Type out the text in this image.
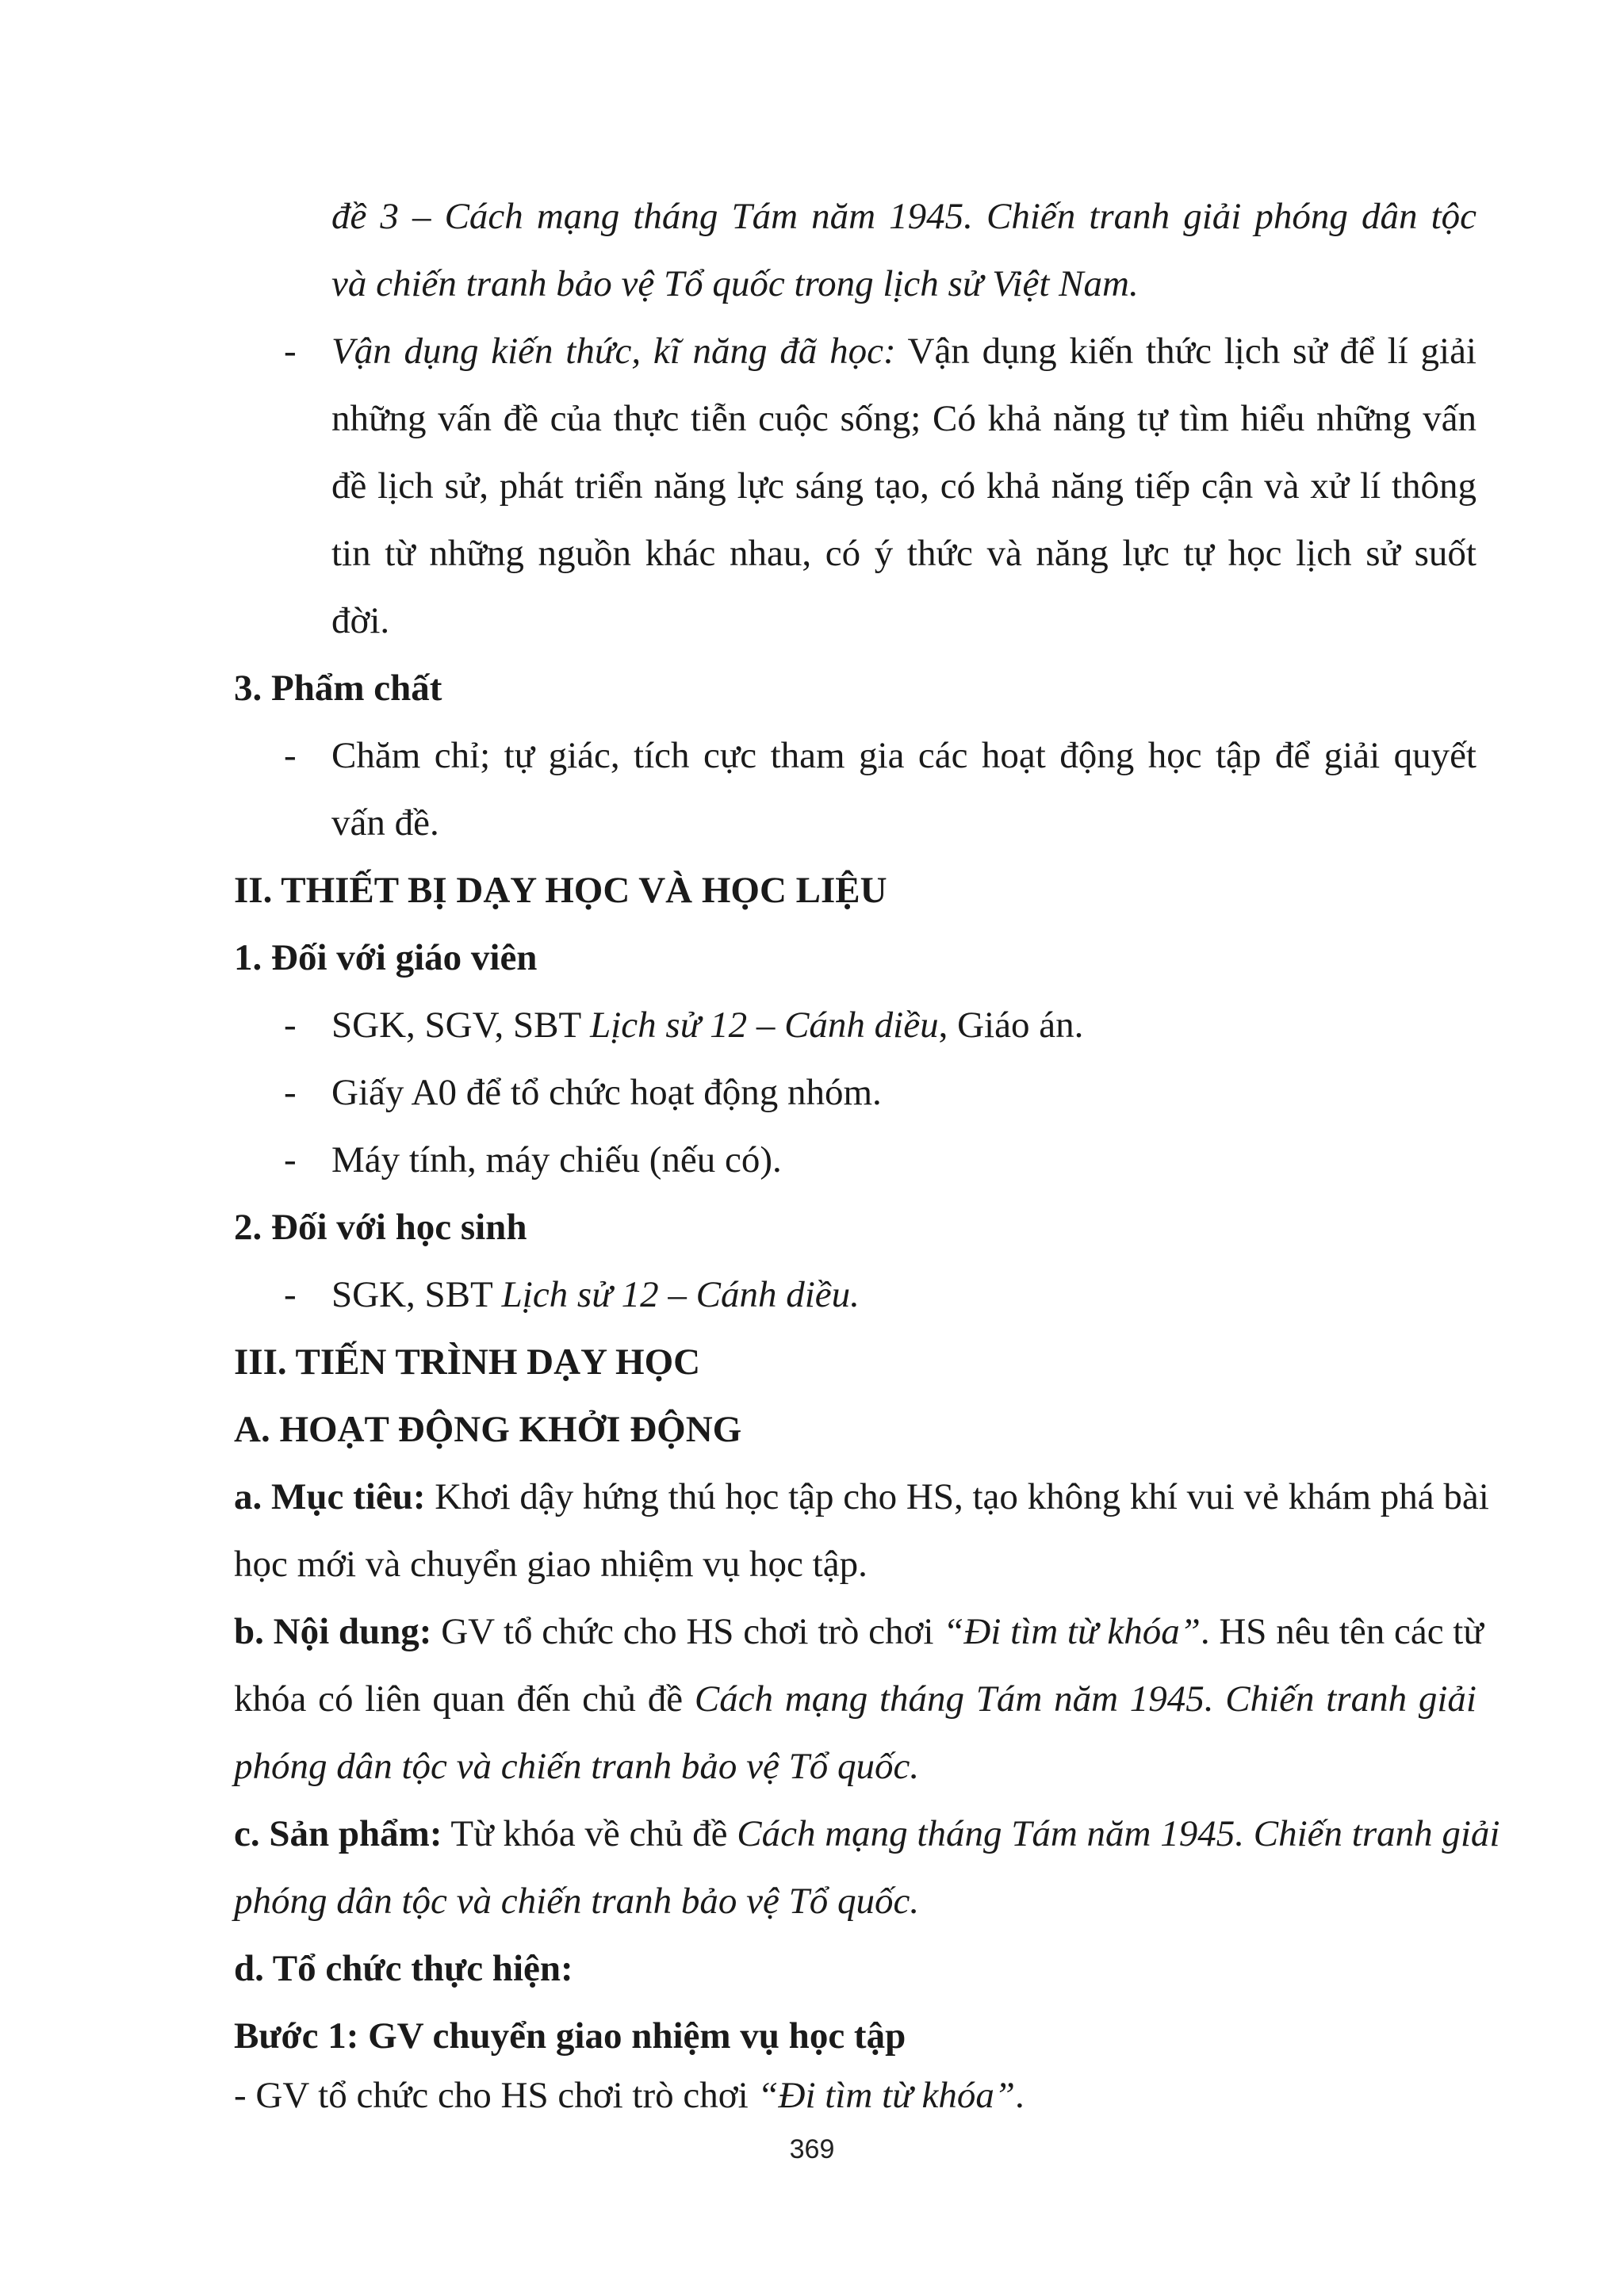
đề 3 – Cách mạng tháng Tám năm 1945. Chiến tranh giải phóng dân tộc
và chiến tranh bảo vệ Tổ quốc trong lịch sử Việt Nam.
- Vận dụng kiến thức, kĩ năng đã học: Vận dụng kiến thức lịch sử để lí giải
những vấn đề của thực tiễn cuộc sống; Có khả năng tự tìm hiểu những vấn
đề lịch sử, phát triển năng lực sáng tạo, có khả năng tiếp cận và xử lí thông
tin từ những nguồn khác nhau, có ý thức và năng lực tự học lịch sử suốt
đời.
3. Phẩm chất
- Chăm chỉ; tự giác, tích cực tham gia các hoạt động học tập để giải quyết
vấn đề.
II. THIẾT BỊ DẠY HỌC VÀ HỌC LIỆU
1. Đối với giáo viên
- SGK, SGV, SBT Lịch sử 12 – Cánh diều, Giáo án.
- Giấy A0 để tổ chức hoạt động nhóm.
- Máy tính, máy chiếu (nếu có).
2. Đối với học sinh
- SGK, SBT Lịch sử 12 – Cánh diều.
III. TIẾN TRÌNH DẠY HỌC
A. HOẠT ĐỘNG KHỞI ĐỘNG
a. Mục tiêu: Khơi dậy hứng thú học tập cho HS, tạo không khí vui vẻ khám phá bài
học mới và chuyển giao nhiệm vụ học tập.
b. Nội dung: GV tổ chức cho HS chơi trò chơi “Đi tìm từ khóa”. HS nêu tên các từ
khóa có liên quan đến chủ đề Cách mạng tháng Tám năm 1945. Chiến tranh giải
phóng dân tộc và chiến tranh bảo vệ Tổ quốc.
c. Sản phẩm: Từ khóa về chủ đề Cách mạng tháng Tám năm 1945. Chiến tranh giải
phóng dân tộc và chiến tranh bảo vệ Tổ quốc.
d. Tổ chức thực hiện:
Bước 1: GV chuyển giao nhiệm vụ học tập
- GV tổ chức cho HS chơi trò chơi “Đi tìm từ khóa”.
369
